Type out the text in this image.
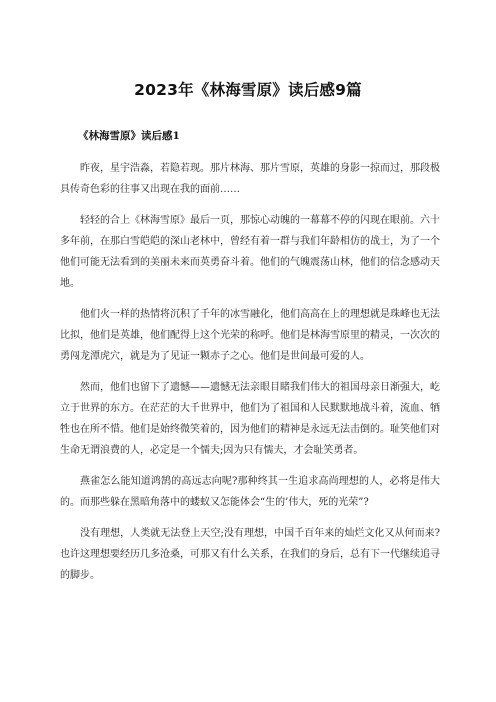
2023年《林海雪原》读后感9篇
《林海雪原》读后感1

昨夜，星宇浩淼，若隐若现。那片林海、那片雪原，英雄的身影一掠而过，那段极具传奇色彩的往事又出现在我的面前……

轻轻的合上《林海雪原》最后一页，那惊心动魄的一幕幕不停的闪现在眼前。六十多年前，在那白雪皑皑的深山老林中，曾经有着一群与我们年龄相仿的战士，为了一个他们可能无法看到的美丽未来而英勇奋斗着。他们的气魄震荡山林，他们的信念感动天地。

他们火一样的热情将沉积了千年的冰雪融化，他们高高在上的理想就是珠峰也无法比拟，他们是英雄，他们配得上这个光荣的称呼。他们是林海雪原里的精灵，一次次的勇闯龙潭虎穴，就是为了见证一颗赤子之心。他们是世间最可爱的人。

然而，他们也留下了遗憾——遗憾无法亲眼目睹我们伟大的祖国母亲日渐强大，屹立于世界的东方。在茫茫的大千世界中，他们为了祖国和人民默默地战斗着，流血、牺牲也在所不惜。他们是始终微笑着的，因为他们的精神是永远无法击倒的。耻笑他们对生命无谓浪费的人，必定是一个懦夫;因为只有懦夫，才会耻笑勇者。

燕雀怎么能知道鸿鹄的高远志向呢?那种终其一生追求高尚理想的人，必将是伟大的。而那些躲在黑暗角落中的蝼蚁又怎能体会“生的’伟大，死的光荣”?

没有理想，人类就无法登上天空;没有理想，中国千百年来的灿烂文化又从何而来?也许这理想要经历几多沧桑，可那又有什么关系，在我们的身后，总有下一代继续追寻的脚步。
